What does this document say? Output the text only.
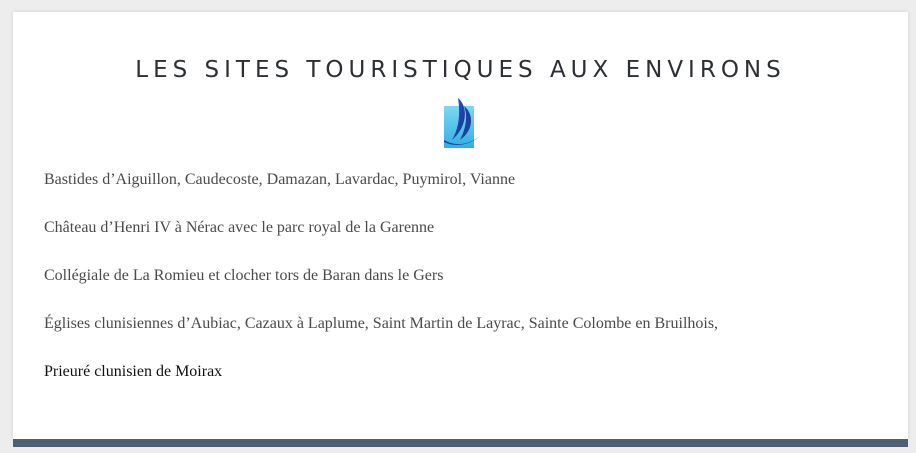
LES SITES TOURISTIQUES AUX ENVIRONS
Bastides d’Aiguillon, Caudecoste, Damazan, Lavardac, Puymirol, Vianne
Château d’Henri IV à Nérac avec le parc royal de la Garenne
Collégiale de La Romieu et clocher tors de Baran dans le Gers
Églises clunisiennes d’Aubiac, Cazaux à Laplume, Saint Martin de Layrac, Sainte Colombe en Bruilhois,
Prieuré clunisien de Moirax
